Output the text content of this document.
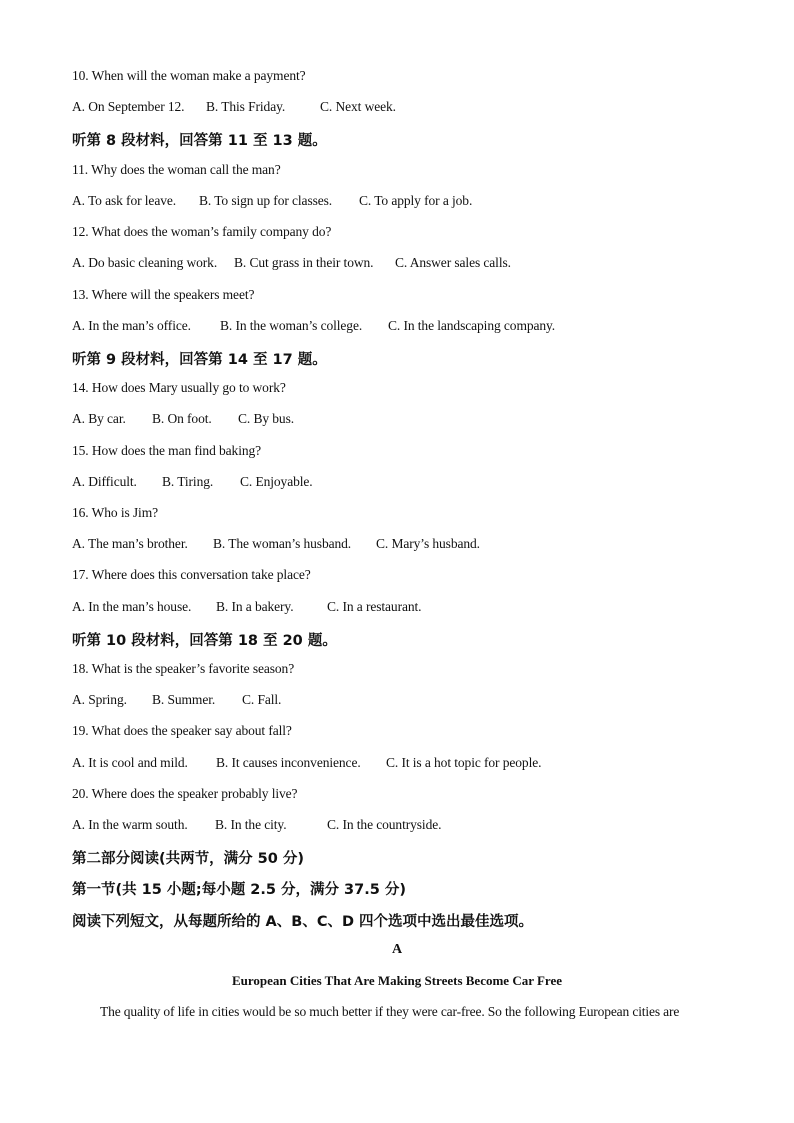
10. When will the woman make a payment?
A. On September 12. B. This Friday.	C. Next week.
听第 8 段材料，回答第 11 至 13 题。
11. Why does the woman call the man?
A. To ask for leave. B. To sign up for classes. C. To apply for a job.
12. What does the woman’s family company do?
A. Do basic cleaning work. B. Cut grass in their town. C. Answer sales calls.
13. Where will the speakers meet?
A. In the man’s office. B. In the woman’s college. C. In the landscaping company.
听第 9 段材料，回答第 14 至 17 题。
14. How does Mary usually go to work?
A. By car. B. On foot. C. By bus.
15. How does the man find baking?
A. Difficult. B. Tiring. C. Enjoyable.
16. Who is Jim?
A. The man’s brother. B. The woman’s husband. C. Mary’s husband.
17. Where does this conversation take place?
A. In the man’s house. B. In a bakery. C. In a restaurant.
听第 10 段材料，回答第 18 至 20 题。
18. What is the speaker’s favorite season?
A. Spring. B. Summer. C. Fall.
19. What does the speaker say about fall?
A. It is cool and mild. B. It causes inconvenience. C. It is a hot topic for people.
20. Where does the speaker probably live?
A. In the warm south. B. In the city.	C. In the countryside.
第二部分阅读(共两节，满分 50 分)
第一节(共 15 小题;每小题 2.5 分，满分 37.5 分)
阅读下列短文，从每题所给的 A、B、C、D 四个选项中选出最佳选项。
A
European Cities That Are Making Streets Become Car Free
The quality of life in cities would be so much better if they were car-free. So the following European cities are
